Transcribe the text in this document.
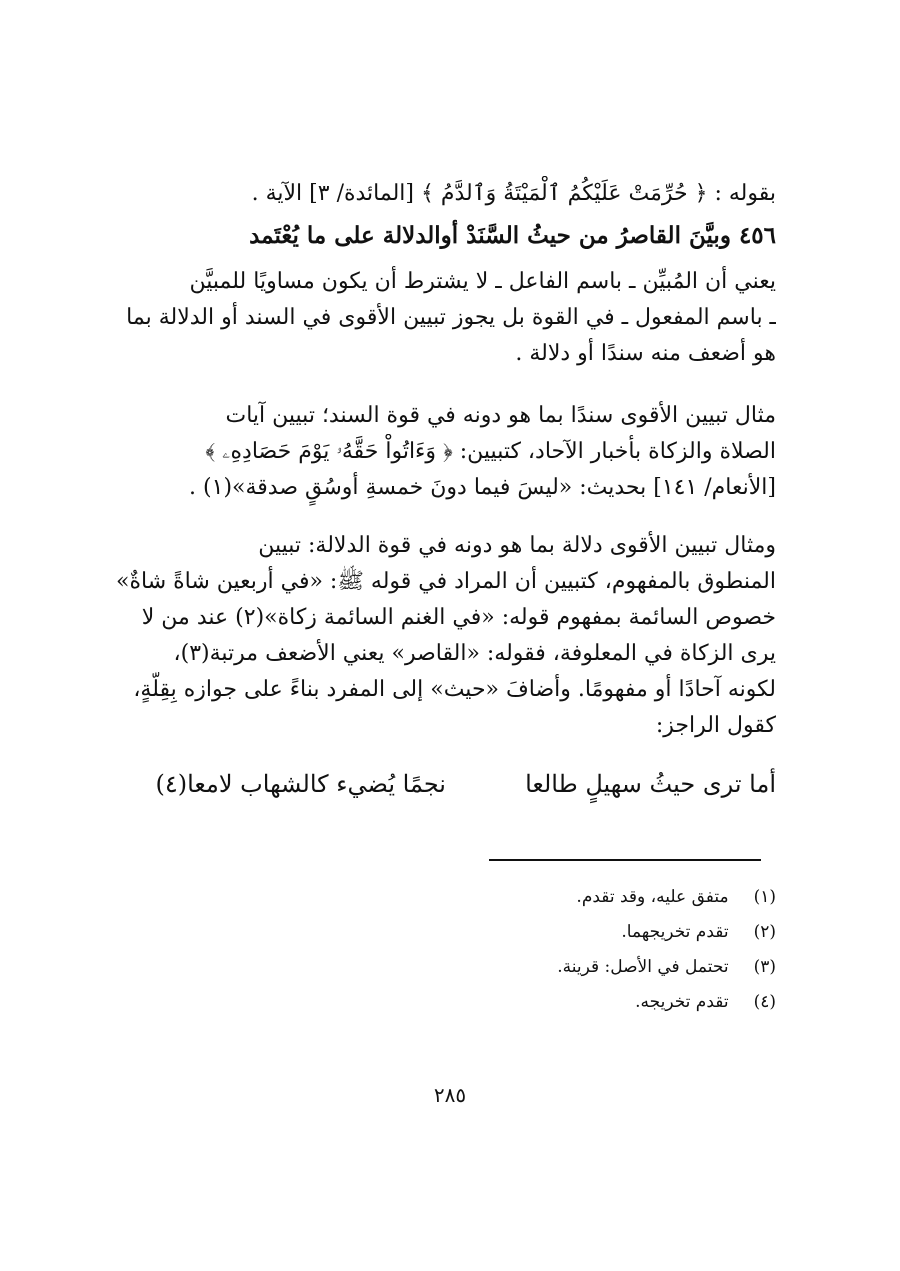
بقوله : ﴿ حُرِّمَتْ عَلَيْكُمُ ٱلْمَيْتَةُ وَٱلدَّمُ ﴾ [المائدة/ ٣] الآية .
٤٥٦ وبيَّنَ القاصرُ من حيثُ السَّنَدْ أوالدلالة على ما يُعْتَمد
يعني أن المُبيِّن ـ باسم الفاعل ـ لا يشترط أن يكون مساويًا للمبيَّن
ـ باسم المفعول ـ في القوة بل يجوز تبيين الأقوى في السند أو الدلالة بما
هو أضعف منه سندًا أو دلالة .
مثال تبيين الأقوى سندًا بما هو دونه في قوة السند؛ تبيين آيات
الصلاة والزكاة بأخبار الآحاد، كتبيين: ﴿ وَءَاتُواْ حَقَّهُۥ يَوْمَ حَصَادِهِۦ ﴾
[الأنعام/ ١٤١] بحديث: «ليسَ فيما دونَ خمسةِ أوسُقٍ صدقة»(١) .
ومثال تبيين الأقوى دلالة بما هو دونه في قوة الدلالة: تبيين
المنطوق بالمفهوم، كتبيين أن المراد في قوله ﷺ: «في أربعين شاةً شاةٌ»
خصوص السائمة بمفهوم قوله: «في الغنم السائمة زكاة»(٢) عند من لا
يرى الزكاة في المعلوفة، فقوله: «القاصر» يعني الأضعف مرتبة(٣)،
لكونه آحادًا أو مفهومًا. وأضافَ «حيث» إلى المفرد بناءً على جوازه بِقِلَّةٍ،
كقول الراجز:
أما ترى حيثُ سهيلٍ طالعا
نجمًا يُضيء كالشهاب لامعا(٤)
(١) متفق عليه، وقد تقدم.
(٢) تقدم تخريجهما.
(٣) تحتمل في الأصل: قرينة.
(٤) تقدم تخريجه.
٢٨٥
